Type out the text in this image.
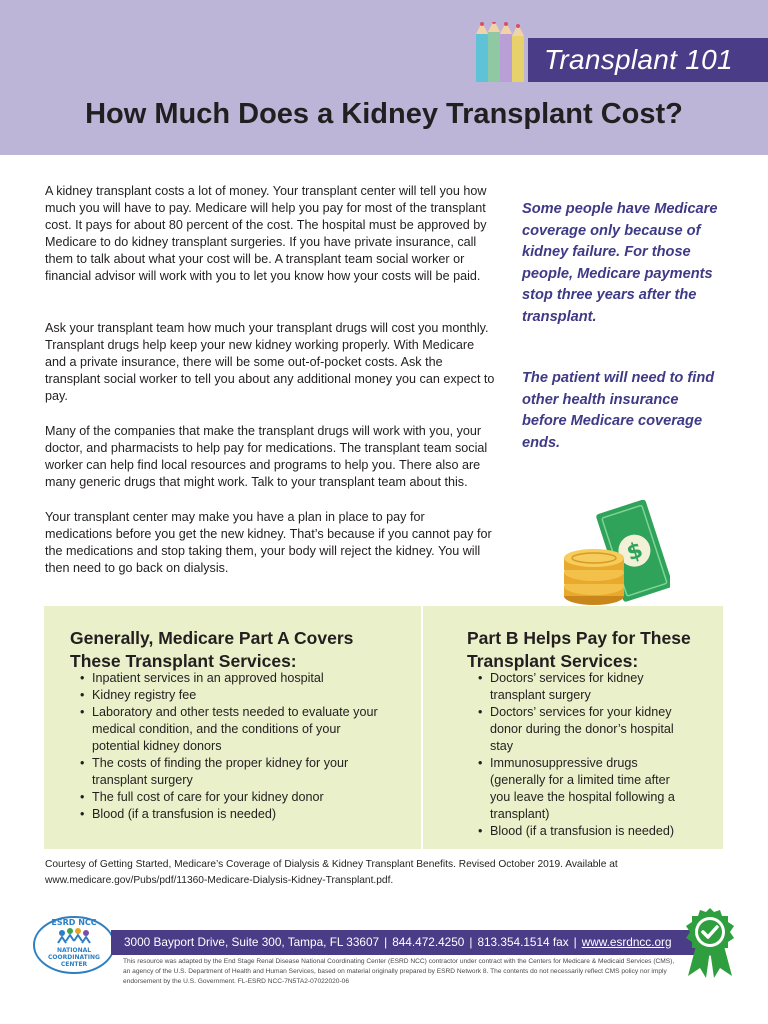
Transplant 101
How Much Does a Kidney Transplant Cost?

A kidney transplant costs a lot of money. Your transplant center will tell you how much you will have to pay. Medicare will help you pay for most of the transplant cost. It pays for about 80 percent of the cost. The hospital must be approved by Medicare to do kidney transplant surgeries. If you have private insurance, call them to talk about what your cost will be. A transplant team social worker or financial advisor will work with you to let you know how your costs will be paid.

Ask your transplant team how much your transplant drugs will cost you monthly. Transplant drugs help keep your new kidney working properly. With Medicare and a private insurance, there will be some out-of-pocket costs. Ask the transplant social worker to tell you about any additional money you can expect to pay.

Many of the companies that make the transplant drugs will work with you, your doctor, and pharmacists to help pay for medications. The transplant team social worker can help find local resources and programs to help you. There also are many generic drugs that might work. Talk to your transplant team about this.

Your transplant center may make you have a plan in place to pay for medications before you get the new kidney. That’s because if you cannot pay for the medications and stop taking them, your body will reject the kidney. You will then need to go back on dialysis.

Some people have Medicare coverage only because of kidney failure. For those people, Medicare payments stop three years after the transplant.

The patient will need to find other health insurance before Medicare coverage ends.

$
Generally, Medicare Part A Covers
These Transplant Services:
• Inpatient services in an approved hospital
• Kidney registry fee
• Laboratory and other tests needed to evaluate your medical condition, and the conditions of your potential kidney donors
• The costs of finding the proper kidney for your transplant surgery
• The full cost of care for your kidney donor
• Blood (if a transfusion is needed)
Part B Helps Pay for These
Transplant Services:
• Doctors’ services for kidney transplant surgery
• Doctors’ services for your kidney donor during the donor’s hospital stay
• Immunosuppressive drugs (generally for a limited time after you leave the hospital following a transplant)
• Blood (if a transfusion is needed)

Courtesy of Getting Started, Medicare’s Coverage of Dialysis & Kidney Transplant Benefits. Revised October 2019. Available at www.medicare.gov/Pubs/pdf/11360-Medicare-Dialysis-Kidney-Transplant.pdf.

ESRD NCC
NATIONAL
COORDINATING
CENTER
3000 Bayport Drive, Suite 300, Tampa, FL 33607 | 844.472.4250 | 813.354.1514 fax | www.esrdncc.org

This resource was adapted by the End Stage Renal Disease National Coordinating Center (ESRD NCC) contractor under contract with the Centers for Medicare & Medicaid Services (CMS), an agency of the U.S. Department of Health and Human Services, based on material originally prepared by ESRD Network 8. The contents do not necessarily reflect CMS policy nor imply endorsement by the U.S. Government. FL-ESRD NCC-7N5TA2-07022020-06
